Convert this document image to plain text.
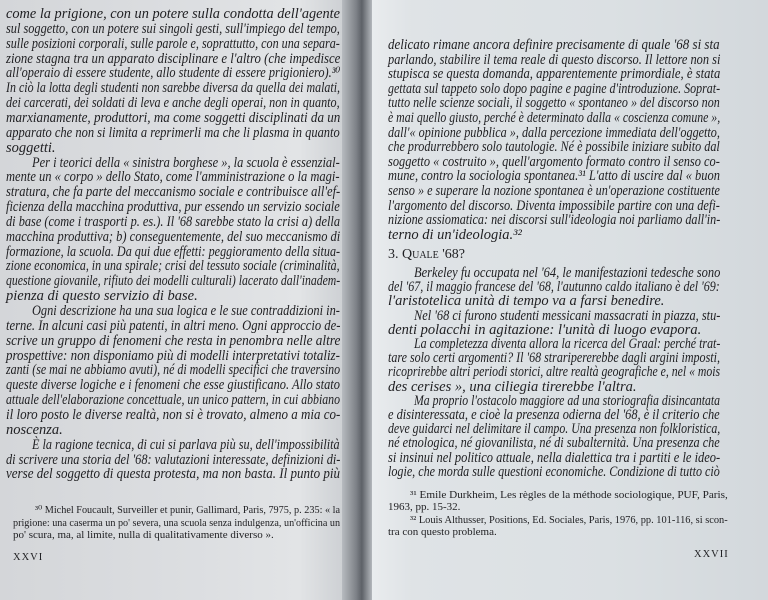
come la prigione, con un potere sulla condotta dell'agente
sul soggetto, con un potere sui singoli gesti, sull'impiego del tempo,
sulle posizioni corporali, sulle parole e, soprattutto, con una separa-
zione stagna tra un apparato disciplinare e l'altro (che impedisce
all'operaio di essere studente, allo studente di essere prigioniero).³⁰
In ciò la lotta degli studenti non sarebbe diversa da quella dei malati,
dei carcerati, dei soldati di leva e anche degli operai, non in quanto,
marxianamente, produttori, ma come soggetti disciplinati da un
apparato che non si limita a reprimerli ma che li plasma in quanto
soggetti.
Per i teorici della « sinistra borghese », la scuola è essenzial-
mente un « corpo » dello Stato, come l'amministrazione o la magi-
stratura, che fa parte del meccanismo sociale e contribuisce all'ef-
ficienza della macchina produttiva, pur essendo un servizio sociale
di base (come i trasporti p. es.). Il '68 sarebbe stato la crisi a) della
macchina produttiva; b) conseguentemente, del suo meccanismo di
formazione, la scuola. Da qui due effetti: peggioramento della situa-
zione economica, in una spirale; crisi del tessuto sociale (criminalità,
questione giovanile, rifiuto dei modelli culturali) lacerato dall'inadem-
pienza di questo servizio di base.
Ogni descrizione ha una sua logica e le sue contraddizioni in-
terne. In alcuni casi più patenti, in altri meno. Ogni approccio de-
scrive un gruppo di fenomeni che resta in penombra nelle altre
prospettive: non disponiamo più di modelli interpretativi totaliz-
zanti (se mai ne abbiamo avuti), né di modelli specifici che traversino
queste diverse logiche e i fenomeni che esse giustificano. Allo stato
attuale dell'elaborazione concettuale, un unico pattern, in cui abbiano
il loro posto le diverse realtà, non si è trovato, almeno a mia co-
noscenza.
È la ragione tecnica, di cui si parlava più su, dell'impossibilità
di scrivere una storia del '68: valutazioni interessate, definizioni di-
verse del soggetto di questa protesta, ma non basta. Il punto più
³⁰ Michel Foucault, Surveiller et punir, Gallimard, Paris, 7975, p. 235: « la
prigione: una caserma un po' severa, una scuola senza indulgenza, un'officina un
po' scura, ma, al limite, nulla di qualitativamente diverso ».
XXVI
delicato rimane ancora definire precisamente di quale '68 si sta
parlando, stabilire il tema reale di questo discorso. Il lettore non si
stupisca se questa domanda, apparentemente primordiale, è stata
gettata sul tappeto solo dopo pagine e pagine d'introduzione. Soprat-
tutto nelle scienze sociali, il soggetto « spontaneo » del discorso non
è mai quello giusto, perché è determinato dalla « coscienza comune »,
dall'« opinione pubblica », dalla percezione immediata dell'oggetto,
che produrrebbero solo tautologie. Né è possibile iniziare subito dal
soggetto « costruito », quell'argomento formato contro il senso co-
mune, contro la sociologia spontanea.³¹ L'atto di uscire dal « buon
senso » e superare la nozione spontanea è un'operazione costituente
l'argomento del discorso. Diventa impossibile partire con una defi-
nizione assiomatica: nei discorsi sull'ideologia noi parliamo dall'in-
terno di un'ideologia.³²
3. Quale '68?
Berkeley fu occupata nel '64, le manifestazioni tedesche sono
del '67, il maggio francese del '68, l'autunno caldo italiano è del '69:
l'aristotelica unità di tempo va a farsi benedire.
Nel '68 ci furono studenti messicani massacrati in piazza, stu-
denti polacchi in agitazione: l'unità di luogo evapora.
La completezza diventa allora la ricerca del Graal: perché trat-
tare solo certi argomenti? Il '68 straripererebbe dagli argini imposti,
ricoprirebbe altri periodi storici, altre realtà geografiche e, nel « mois
des cerises », una ciliegia tirerebbe l'altra.
Ma proprio l'ostacolo maggiore ad una storiografia disincantata
e disinteressata, e cioè la presenza odierna del '68, è il criterio che
deve guidarci nel delimitare il campo. Una presenza non folkloristica,
né etnologica, né giovanilista, né di subalternità. Una presenza che
si insinui nel politico attuale, nella dialettica tra i partiti e le ideo-
logie, che morda sulle questioni economiche. Condizione di tutto ciò
³¹ Emile Durkheim, Les règles de la méthode sociologique, PUF, Paris,
1963, pp. 15-32.
³² Louis Althusser, Positions, Ed. Sociales, Paris, 1976, pp. 101-116, si scon-
tra con questo problema.
XXVII
